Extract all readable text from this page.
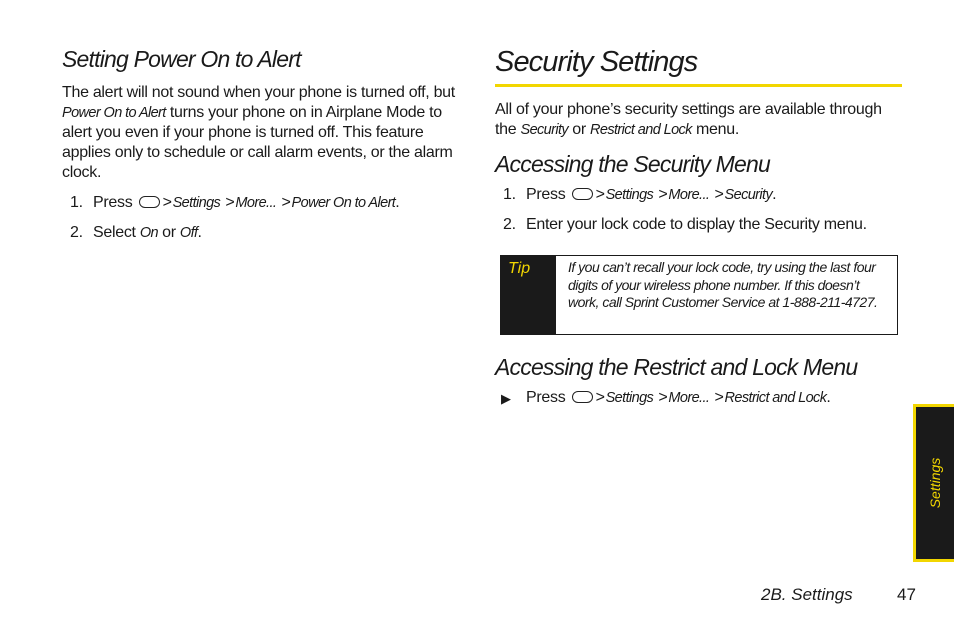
Setting Power On to Alert

The alert will not sound when your phone is turned off, but Power On to Alert turns your phone on in Airplane Mode to alert you even if your phone is turned off. This feature applies only to schedule or call alarm events, or the alarm clock.

1. Press >Settings >More... >Power On to Alert.
2. Select On or Off.
Security Settings

All of your phone’s security settings are available through the Security or Restrict and Lock menu.

Accessing the Security Menu
1. Press >Settings >More... >Security.
2. Enter your lock code to display the Security menu.
Tip	If you can’t recall your lock code, try using the last four digits of your wireless phone number. If this doesn’t work, call Sprint Customer Service at 1-888-211-4727.
Accessing the Restrict and Lock Menu
▶ Press >Settings >More... >Restrict and Lock.
Settings
2B. Settings	47
